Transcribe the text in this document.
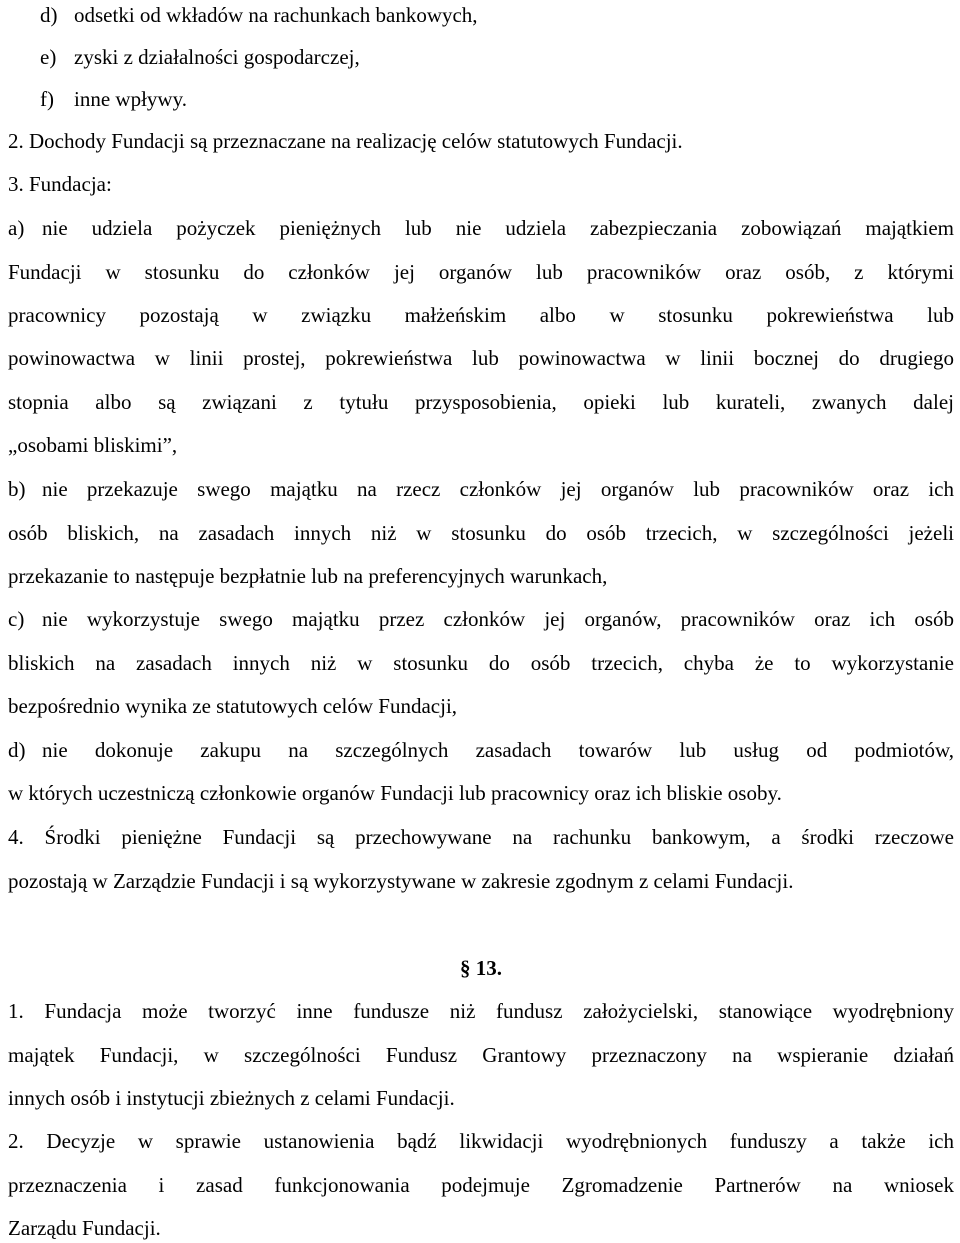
d) odsetki od wkładów na rachunkach bankowych,
e) zyski z działalności gospodarczej,
f) inne wpływy.
2. Dochody Fundacji są przeznaczane na realizację celów statutowych Fundacji.
3. Fundacja:
a) nie udziela pożyczek pieniężnych lub nie udziela zabezpieczania zobowiązań majątkiem
Fundacji w stosunku do członków jej organów lub pracowników oraz osób, z którymi
pracownicy pozostają w związku małżeńskim albo w stosunku pokrewieństwa lub
powinowactwa w linii prostej, pokrewieństwa lub powinowactwa w linii bocznej do drugiego
stopnia albo są związani z tytułu przysposobienia, opieki lub kurateli, zwanych dalej
„osobami bliskimi”,
b) nie przekazuje swego majątku na rzecz członków jej organów lub pracowników oraz ich
osób bliskich, na zasadach innych niż w stosunku do osób trzecich, w szczególności jeżeli
przekazanie to następuje bezpłatnie lub na preferencyjnych warunkach,
c) nie wykorzystuje swego majątku przez członków jej organów, pracowników oraz ich osób
bliskich na zasadach innych niż w stosunku do osób trzecich, chyba że to wykorzystanie
bezpośrednio wynika ze statutowych celów Fundacji,
d) nie dokonuje zakupu na szczególnych zasadach towarów lub usług od podmiotów,
w których uczestniczą członkowie organów Fundacji lub pracownicy oraz ich bliskie osoby.
4. Środki pieniężne Fundacji są przechowywane na rachunku bankowym, a środki rzeczowe
pozostają w Zarządzie Fundacji i są wykorzystywane w zakresie zgodnym z celami Fundacji.
§ 13.
1. Fundacja może tworzyć inne fundusze niż fundusz założycielski, stanowiące wyodrębniony
majątek Fundacji, w szczególności Fundusz Grantowy przeznaczony na wspieranie działań
innych osób i instytucji zbieżnych z celami Fundacji.
2. Decyzje w sprawie ustanowienia bądź likwidacji wyodrębnionych funduszy a także ich
przeznaczenia i zasad funkcjonowania podejmuje Zgromadzenie Partnerów na wniosek
Zarządu Fundacji.
